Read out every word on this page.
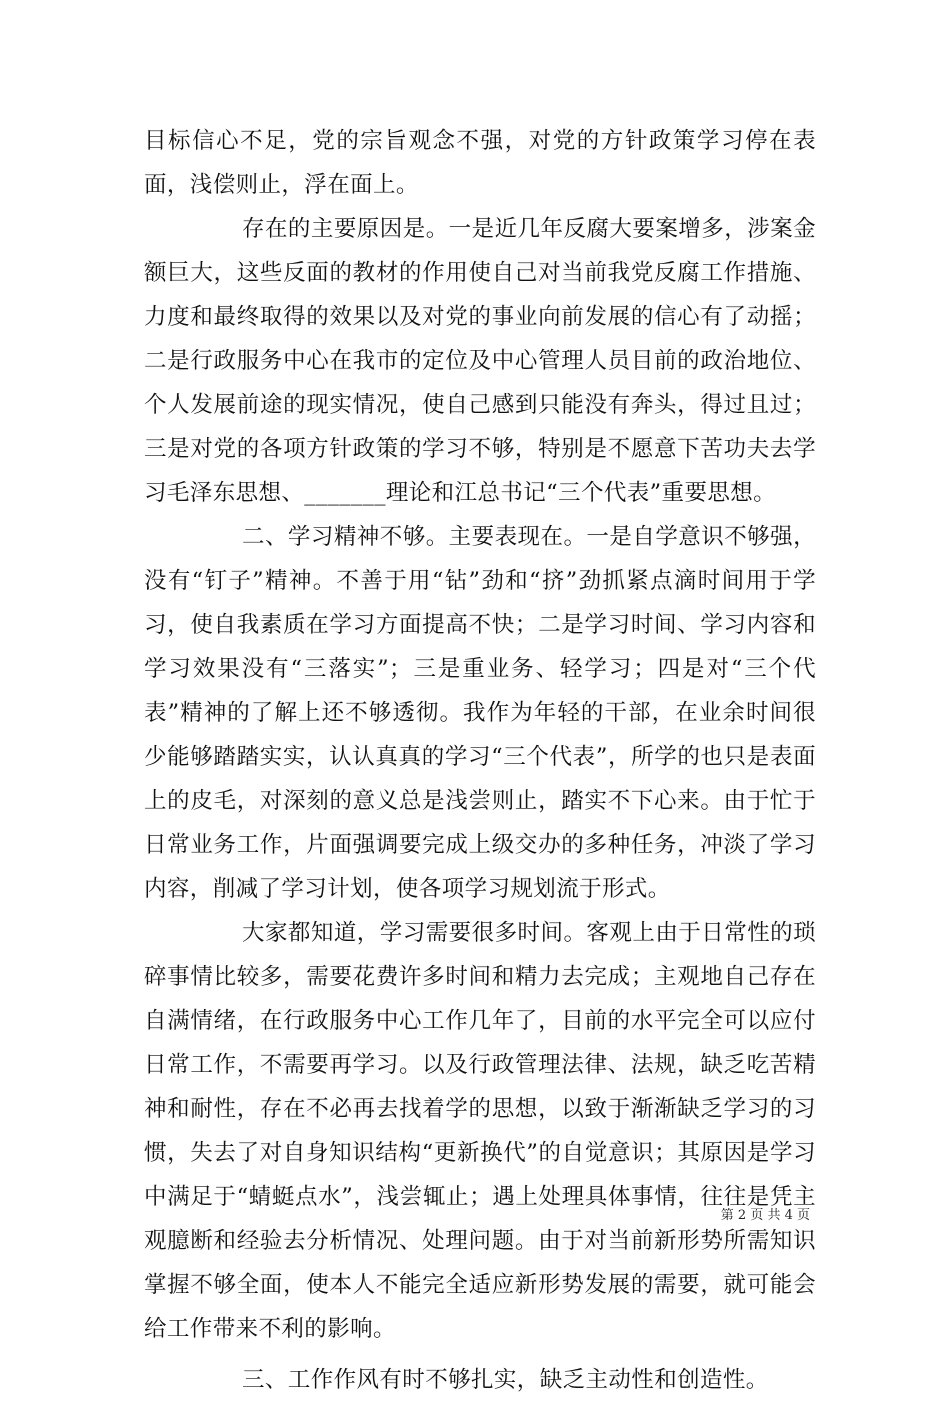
目标信心不足，党的宗旨观念不强，对党的方针政策学习停在表面，浅偿则止，浮在面上。

存在的主要原因是。一是近几年反腐大要案增多，涉案金额巨大，这些反面的教材的作用使自己对当前我党反腐工作措施、力度和最终取得的效果以及对党的事业向前发展的信心有了动摇；二是行政服务中心在我市的定位及中心管理人员目前的政治地位、个人发展前途的现实情况，使自己感到只能没有奔头，得过且过；三是对党的各项方针政策的学习不够，特别是不愿意下苦功夫去学习毛泽东思想、_______理论和江总书记“三个代表”重要思想。

二、学习精神不够。主要表现在。一是自学意识不够强，没有“钉子”精神。不善于用“钻”劲和“挤”劲抓紧点滴时间用于学习，使自我素质在学习方面提高不快；二是学习时间、学习内容和学习效果没有“三落实”；三是重业务、轻学习；四是对“三个代表”精神的了解上还不够透彻。我作为年轻的干部，在业余时间很少能够踏踏实实，认认真真的学习“三个代表”，所学的也只是表面上的皮毛，对深刻的意义总是浅尝则止，踏实不下心来。由于忙于日常业务工作，片面强调要完成上级交办的多种任务，冲淡了学习内容，削减了学习计划，使各项学习规划流于形式。

大家都知道，学习需要很多时间。客观上由于日常性的琐碎事情比较多，需要花费许多时间和精力去完成；主观地自己存在自满情绪，在行政服务中心工作几年了，目前的水平完全可以应付日常工作，不需要再学习。以及行政管理法律、法规，缺乏吃苦精神和耐性，存在不必再去找着学的思想，以致于渐渐缺乏学习的习惯，失去了对自身知识结构“更新换代”的自觉意识；其原因是学习中满足于“蜻蜓点水”，浅尝辄止；遇上处理具体事情，往往是凭主观臆断和经验去分析情况、处理问题。由于对当前新形势所需知识掌握不够全面，使本人不能完全适应新形势发展的需要，就可能会给工作带来不利的影响。

三、工作作风有时不够扎实，缺乏主动性和创造性。

第 2 页 共 4 页
